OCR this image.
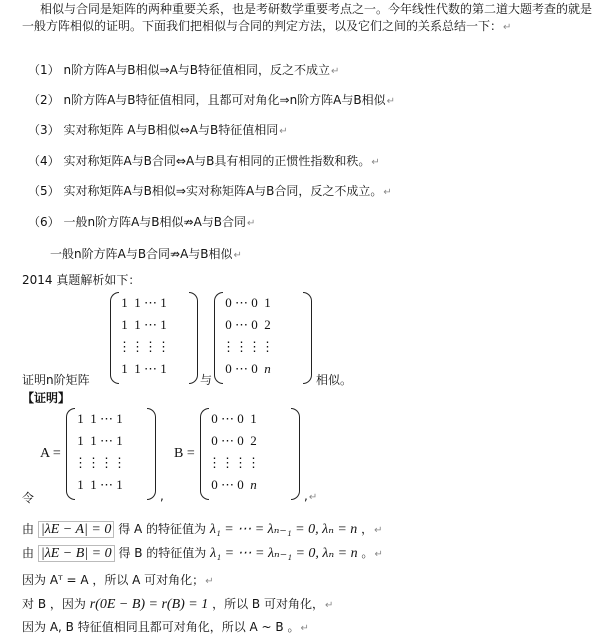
相似与合同是矩阵的两种重要关系，也是考研数学重要考点之一。今年线性代数的第二道大题考查的就是一般方阵相似的证明。下面我们把相似与合同的判定方法，以及它们之间的关系总结一下：↵
（1） n阶方阵A与B相似⇒A与B特征值相同，反之不成立↵
（2） n阶方阵A与B特征值相同，且都可对角化⇒n阶方阵A与B相似↵
（3） 实对称矩阵 A与B相似⇔A与B特征值相同↵
（4） 实对称矩阵A与B合同⇔A与B具有相同的正惯性指数和秩。↵
（5） 实对称矩阵A与B相似⇒实对称矩阵A与B合同，反之不成立。↵
（6） 一般n阶方阵A与B相似⇏A与B合同↵
一般n阶方阵A与B合同⇏A与B相似↵
2014 真题解析如下：
1	1	⋯	1
1	1	⋯	1
⋮	⋮	⋮	⋮
1	1	⋯	1
0	⋯	0	1
0	⋯	0	2
⋮	⋮	⋮	⋮
0	⋯	0	n
证明n阶矩阵	与	相似。
【证明】
A =
1	1	⋯	1
1	1	⋯	1
⋮	⋮	⋮	⋮
1	1	⋯	1
B =
0	⋯	0	1
0	⋯	0	2
⋮	⋮	⋮	⋮
0	⋯	0	n
令	,	,↵
由 |λE − A| = 0 得 A 的特征值为 λ₁ = ⋯ = λₙ₋₁ = 0, λₙ = n ，↵
由 |λE − B| = 0 得 B 的特征值为 λ₁ = ⋯ = λₙ₋₁ = 0, λₙ = n 。↵
因为 Aᵀ = A ，所以 A 可对角化；↵
对 B ，因为 r(0E − B) = r(B) = 1 ，所以 B 可对角化，↵
因为 A, B 特征值相同且都可对角化，所以 A ~ B 。↵
